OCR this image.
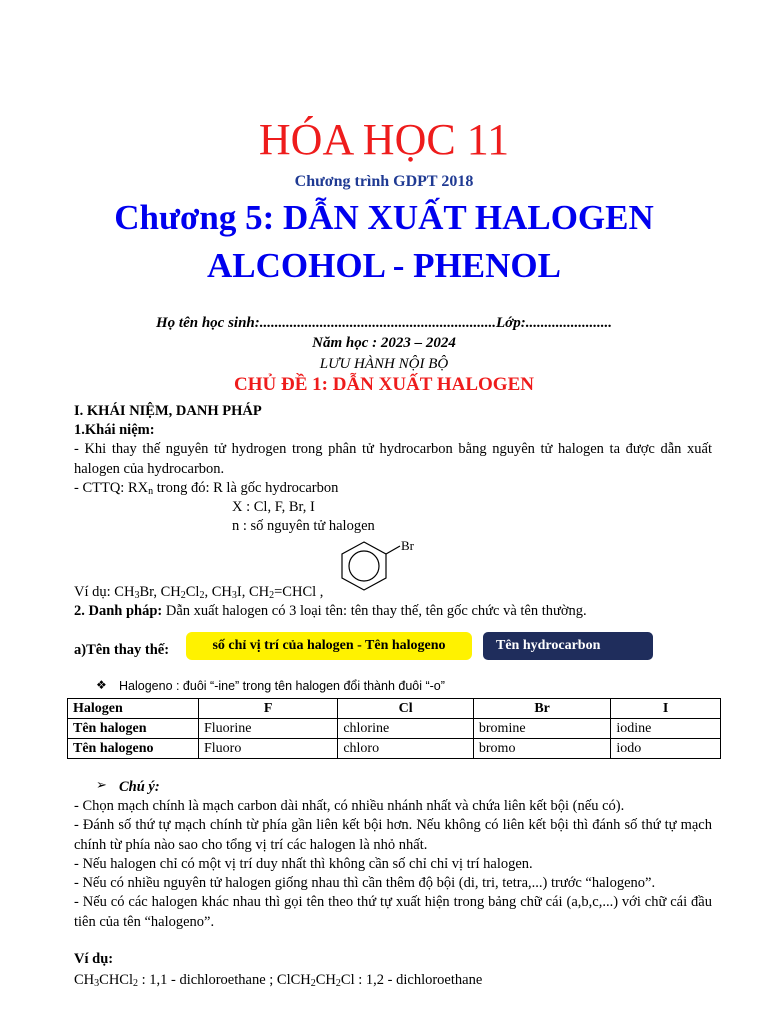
HÓA HỌC 11
Chương trình GDPT 2018
Chương 5: DẪN XUẤT HALOGEN
ALCOHOL - PHENOL
Họ tên học sinh:...............................................................Lớp:.......................
Năm học : 2023 – 2024
LƯU HÀNH NỘI BỘ
CHỦ ĐỀ 1: DẪN XUẤT HALOGEN
I. KHÁI NIỆM, DANH PHÁP
1.Khái niệm:
- Khi thay thế nguyên tử hydrogen trong phân tử hydrocarbon bằng nguyên tử halogen ta được dẫn xuất halogen của hydrocarbon.
- CTTQ: $RX_n$ trong đó: R là gốc hydrocarbon
X : Cl, F, Br, I
n : số nguyên tử halogen
Br
Ví dụ: $CH_3Br$, $CH_2Cl_2$, $CH_3I$, $CH_2=CHCl$ ,
2. Danh pháp: Dẫn xuất halogen có 3 loại tên: tên thay thế, tên gốc chức và tên thường.
a)Tên thay thế:	số chỉ vị trí của halogen - Tên halogeno	Tên hydrocarbon
❖ Halogeno : đuôi “-ine” trong tên halogen đổi thành đuôi “-o”
Halogen	F	Cl	Br	I
Tên halogen	Fluorine	chlorine	bromine	iodine
Tên halogeno	Fluoro	chloro	bromo	iodo
➢ Chú ý:
- Chọn mạch chính là mạch carbon dài nhất, có nhiều nhánh nhất và chứa liên kết bội (nếu có).
- Đánh số thứ tự mạch chính từ phía gần liên kết bội hơn. Nếu không có liên kết bội thì đánh số thứ tự mạch chính từ phía nào sao cho tổng vị trí các halogen là nhỏ nhất.
- Nếu halogen chỉ có một vị trí duy nhất thì không cần số chỉ chỉ vị trí halogen.
- Nếu có nhiều nguyên tử halogen giống nhau thì cần thêm độ bội (di, tri, tetra,...) trước “halogeno”.
- Nếu có các halogen khác nhau thì gọi tên theo thứ tự xuất hiện trong bảng chữ cái (a,b,c,...) với chữ cái đầu tiên của tên “halogeno”.
Ví dụ:
$CH_3CHCl_2$ : 1,1 - dichloroethane ; $ClCH_2CH_2Cl$ : 1,2 - dichloroethane
